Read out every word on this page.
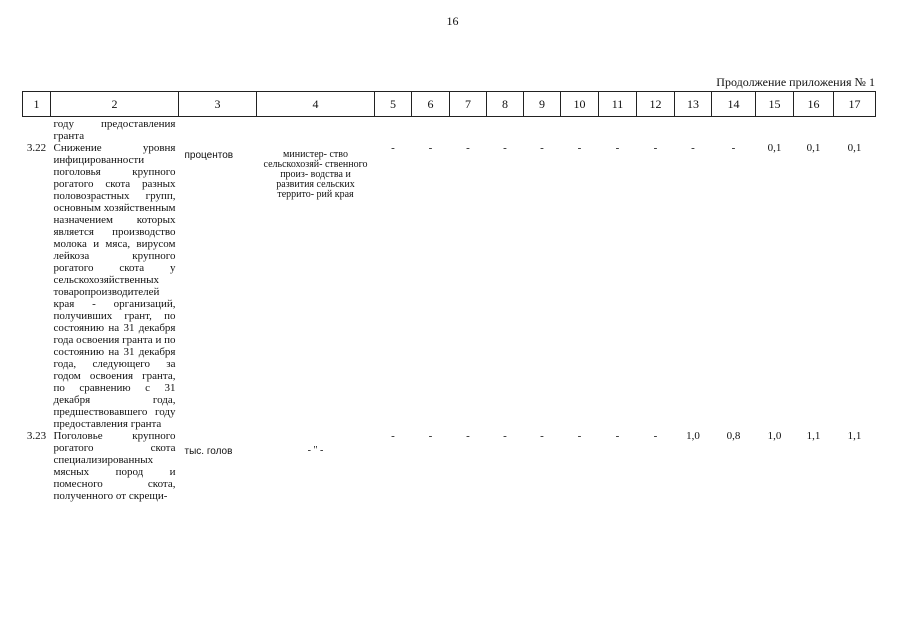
16
Продолжение приложения № 1
1	2	3	4	5	6	7	8	9	10	11	12	13	14	15	16	17
	году предоставления гранта															
3.22	Снижение уровня инфицированности поголовья крупного рогатого скота разных половозрастных групп, основным хозяйственным назначением которых является производство молока и мяса, вирусом лейкоза крупного рогатого скота у сельскохозяйственных товаропроизводителей края - организаций, получивших грант, по состоянию на 31 декабря года освоения гранта и по состоянию на 31 декабря года, следующего за годом освоения гранта, по сравнению с 31 декабря года, предшествовавшего году предоставления гранта	процентов	министер- ство сельскохозяй- ственного произ- водства и развития сельских террито- рий края	-	-	-	-	-	-	-	-	-	-	0,1	0,1	0,1
3.23	Поголовье крупного рогатого скота специализированных мясных пород и помесного скота, полученного от скрещи-	тыс. голов	- " -	-	-	-	-	-	-	-	-	1,0	0,8	1,0	1,1	1,1
